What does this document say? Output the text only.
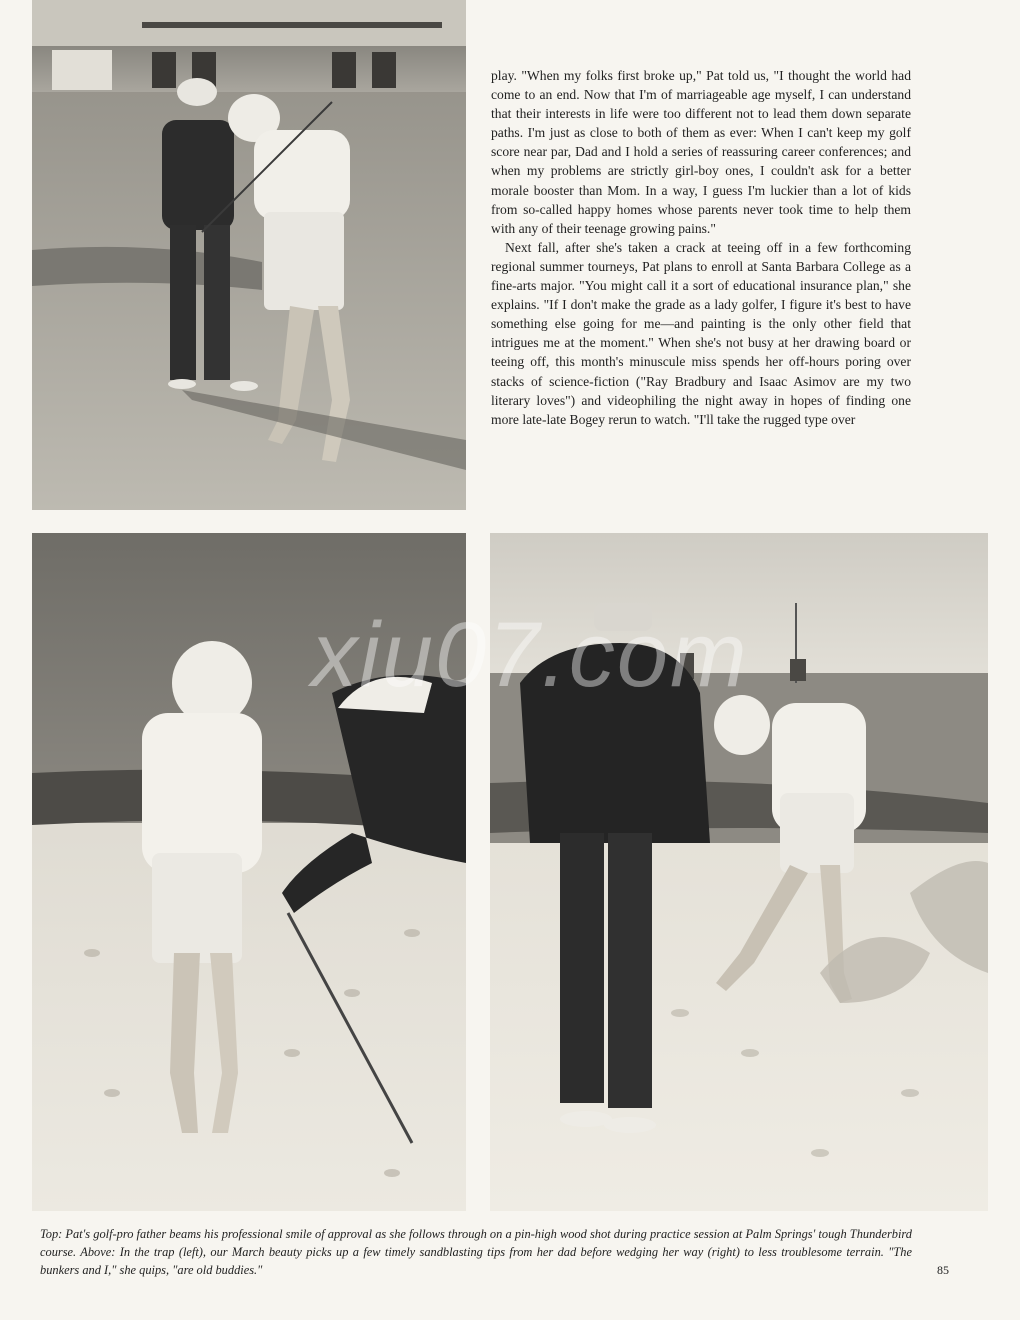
xiu07.com

play. "When my folks first broke up," Pat told us, "I thought the world had come to an end. Now that I'm of marriageable age myself, I can understand that their interests in life were too different not to lead them down separate paths. I'm just as close to both of them as ever: When I can't keep my golf score near par, Dad and I hold a series of reassuring career conferences; and when my problems are strictly girl-boy ones, I couldn't ask for a better morale booster than Mom. In a way, I guess I'm luckier than a lot of kids from so-called happy homes whose parents never took time to help them with any of their teenage growing pains."

Next fall, after she's taken a crack at teeing off in a few forthcoming regional summer tourneys, Pat plans to enroll at Santa Barbara College as a fine-arts major. "You might call it a sort of educational insurance plan," she explains. "If I don't make the grade as a lady golfer, I figure it's best to have something else going for me—and painting is the only other field that intrigues me at the moment." When she's not busy at her drawing board or teeing off, this month's minuscule miss spends her off-hours poring over stacks of science-fiction ("Ray Bradbury and Isaac Asimov are my two literary loves") and videophiling the night away in hopes of finding one more late-late Bogey rerun to watch. "I'll take the rugged type over

Top: Pat's golf-pro father beams his professional smile of approval as she follows through on a pin-high wood shot during practice session at Palm Springs' tough Thunderbird course. Above: In the trap (left), our March beauty picks up a few timely sandblasting tips from her dad before wedging her way (right) to less troublesome terrain. "The bunkers and I," she quips, "are old buddies."	85
